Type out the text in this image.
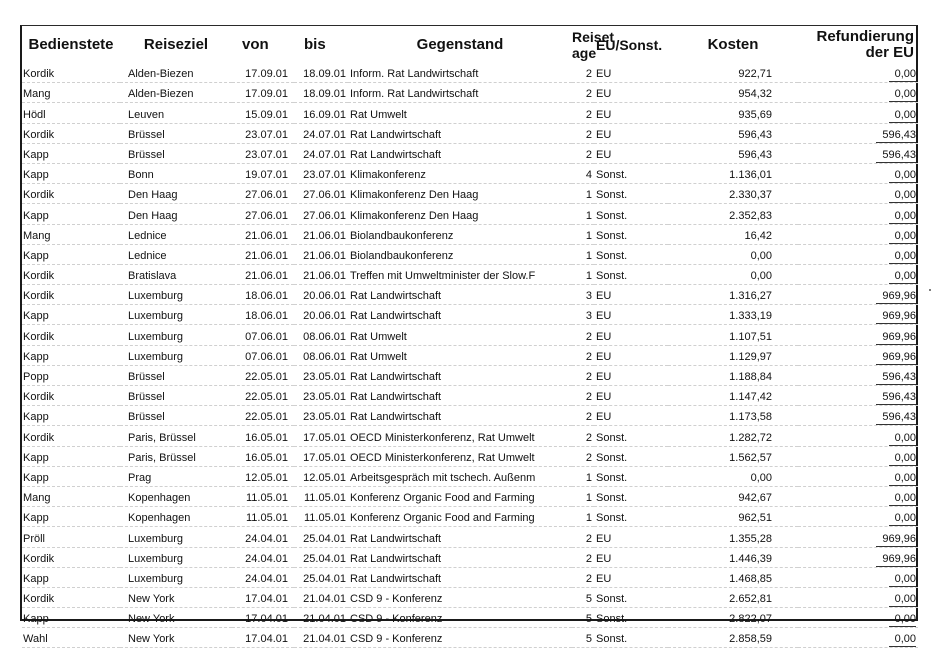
Bedienstete	Reiseziel	von	bis	Gegenstand	Reiset
age	EU/Sonst.	Kosten	Refundierung
der EU

Kordik	Alden-Biezen	17.09.01	18.09.01	Inform. Rat Landwirtschaft	2	EU	922,71	0,00
Mang	Alden-Biezen	17.09.01	18.09.01	Inform. Rat Landwirtschaft	2	EU	954,32	0,00
Hödl	Leuven	15.09.01	16.09.01	Rat Umwelt	2	EU	935,69	0,00
Kordik	Brüssel	23.07.01	24.07.01	Rat Landwirtschaft	2	EU	596,43	596,43
Kapp	Brüssel	23.07.01	24.07.01	Rat Landwirtschaft	2	EU	596,43	596,43
Kapp	Bonn	19.07.01	23.07.01	Klimakonferenz	4	Sonst.	1.136,01	0,00
Kordik	Den Haag	27.06.01	27.06.01	Klimakonferenz Den Haag	1	Sonst.	2.330,37	0,00
Kapp	Den Haag	27.06.01	27.06.01	Klimakonferenz Den Haag	1	Sonst.	2.352,83	0,00
Mang	Lednice	21.06.01	21.06.01	Biolandbaukonferenz	1	Sonst.	16,42	0,00
Kapp	Lednice	21.06.01	21.06.01	Biolandbaukonferenz	1	Sonst.	0,00	0,00
Kordik	Bratislava	21.06.01	21.06.01	Treffen mit Umweltminister der Slow.F	1	Sonst.	0,00	0,00
Kordik	Luxemburg	18.06.01	20.06.01	Rat Landwirtschaft	3	EU	1.316,27	969,96
Kapp	Luxemburg	18.06.01	20.06.01	Rat Landwirtschaft	3	EU	1.333,19	969,96
Kordik	Luxemburg	07.06.01	08.06.01	Rat Umwelt	2	EU	1.107,51	969,96
Kapp	Luxemburg	07.06.01	08.06.01	Rat Umwelt	2	EU	1.129,97	969,96
Popp	Brüssel	22.05.01	23.05.01	Rat Landwirtschaft	2	EU	1.188,84	596,43
Kordik	Brüssel	22.05.01	23.05.01	Rat Landwirtschaft	2	EU	1.147,42	596,43
Kapp	Brüssel	22.05.01	23.05.01	Rat Landwirtschaft	2	EU	1.173,58	596,43
Kordik	Paris, Brüssel	16.05.01	17.05.01	OECD Ministerkonferenz, Rat Umwelt	2	Sonst.	1.282,72	0,00
Kapp	Paris, Brüssel	16.05.01	17.05.01	OECD Ministerkonferenz, Rat Umwelt	2	Sonst.	1.562,57	0,00
Kapp	Prag	12.05.01	12.05.01	Arbeitsgespräch mit tschech. Außenm	1	Sonst.	0,00	0,00
Mang	Kopenhagen	11.05.01	11.05.01	Konferenz Organic Food and Farming	1	Sonst.	942,67	0,00
Kapp	Kopenhagen	11.05.01	11.05.01	Konferenz Organic Food and Farming	1	Sonst.	962,51	0,00
Pröll	Luxemburg	24.04.01	25.04.01	Rat Landwirtschaft	2	EU	1.355,28	969,96
Kordik	Luxemburg	24.04.01	25.04.01	Rat Landwirtschaft	2	EU	1.446,39	969,96
Kapp	Luxemburg	24.04.01	25.04.01	Rat Landwirtschaft	2	EU	1.468,85	0,00
Kordik	New York	17.04.01	21.04.01	CSD 9 - Konferenz	5	Sonst.	2.652,81	0,00
Kapp	New York	17.04.01	21.04.01	CSD 9 - Konferenz	5	Sonst.	2.822,07	0,00
Wahl	New York	17.04.01	21.04.01	CSD 9 - Konferenz	5	Sonst.	2.858,59	0,00
